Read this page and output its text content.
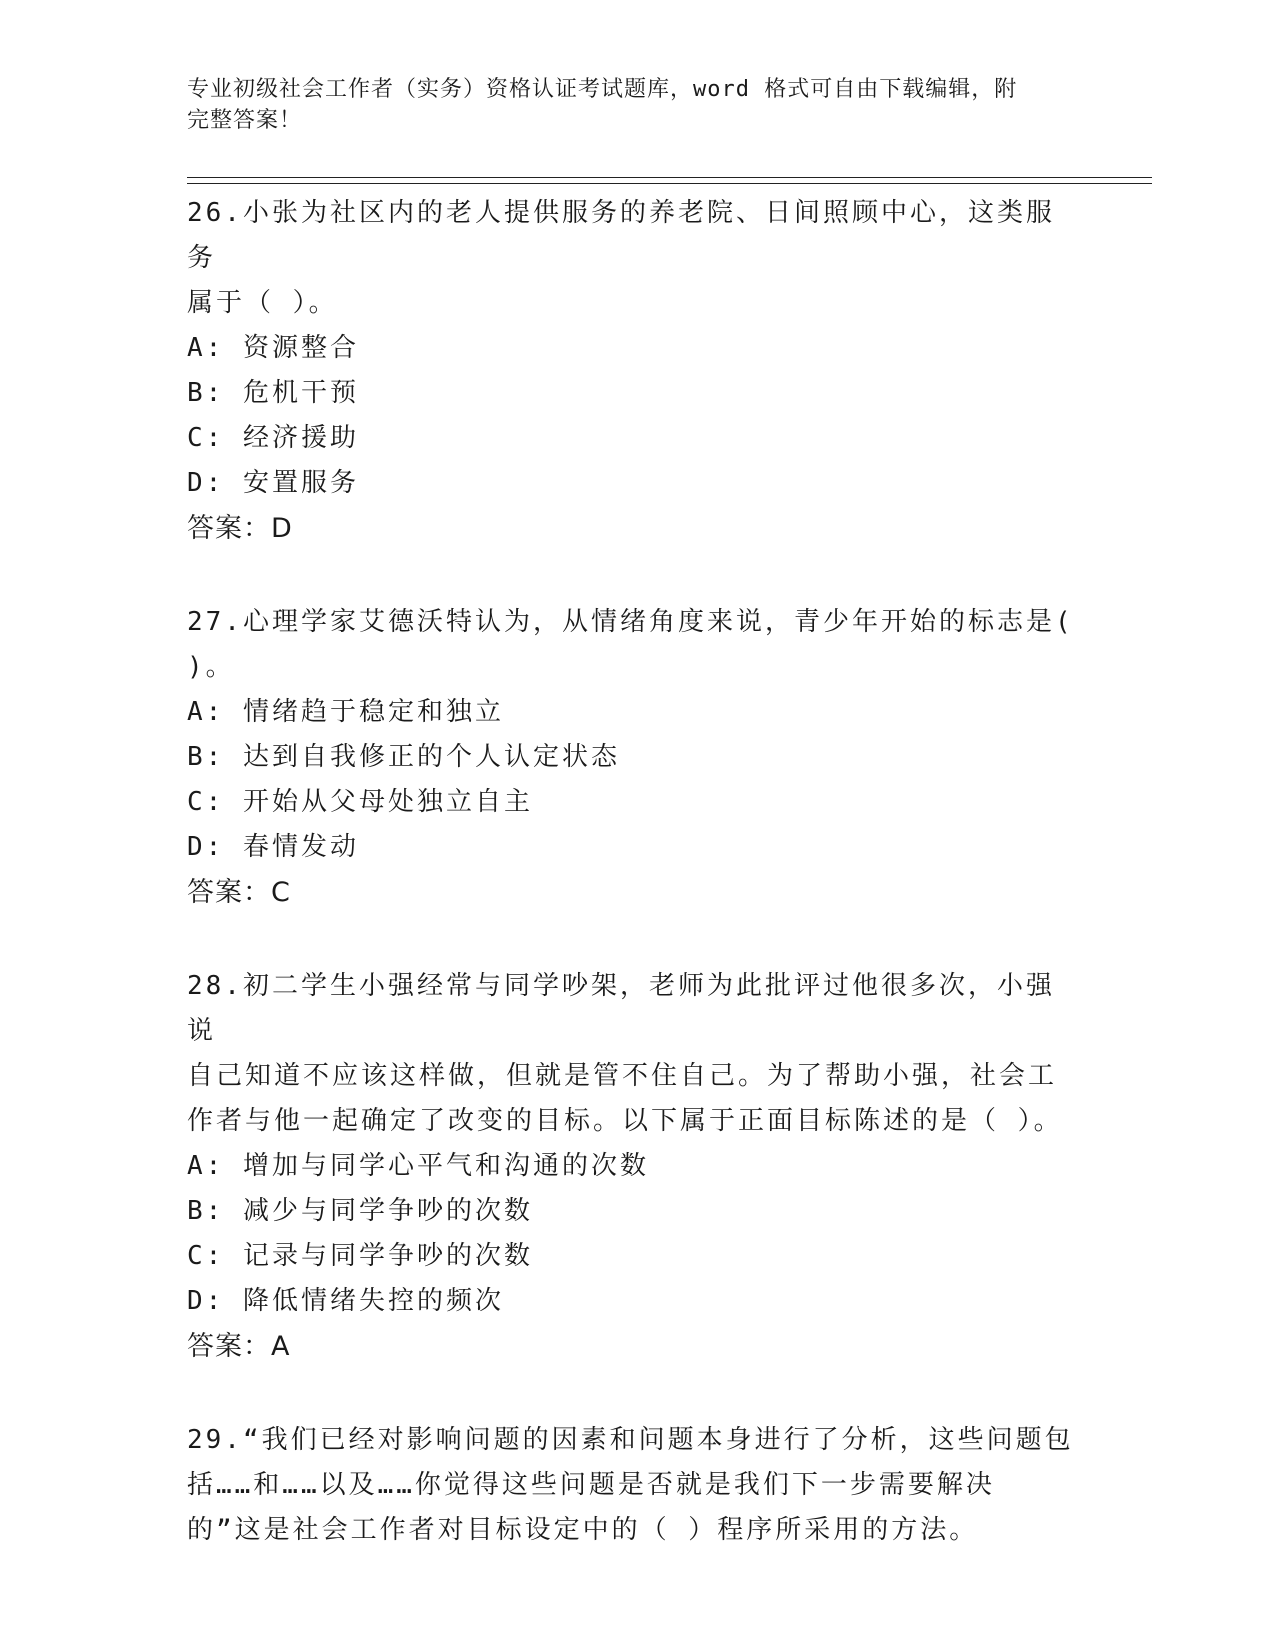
专业初级社会工作者（实务）资格认证考试题库，word 格式可自由下载编辑，附
完整答案！
26.小张为社区内的老人提供服务的养老院、日间照顾中心，这类服务
属于（ ）。
A: 资源整合
B: 危机干预
C: 经济援助
D: 安置服务
答案：D
27.心理学家艾德沃特认为，从情绪角度来说，青少年开始的标志是(
)。
A: 情绪趋于稳定和独立
B: 达到自我修正的个人认定状态
C: 开始从父母处独立自主
D: 春情发动
答案：C
28.初二学生小强经常与同学吵架，老师为此批评过他很多次，小强说
自己知道不应该这样做，但就是管不住自己。为了帮助小强，社会工
作者与他一起确定了改变的目标。以下属于正面目标陈述的是（ ）。
A: 增加与同学心平气和沟通的次数
B: 减少与同学争吵的次数
C: 记录与同学争吵的次数
D: 降低情绪失控的频次
答案：A
29.“我们已经对影响问题的因素和问题本身进行了分析，这些问题包
括……和……以及……你觉得这些问题是否就是我们下一步需要解决
的”这是社会工作者对目标设定中的（ ）程序所采用的方法。
